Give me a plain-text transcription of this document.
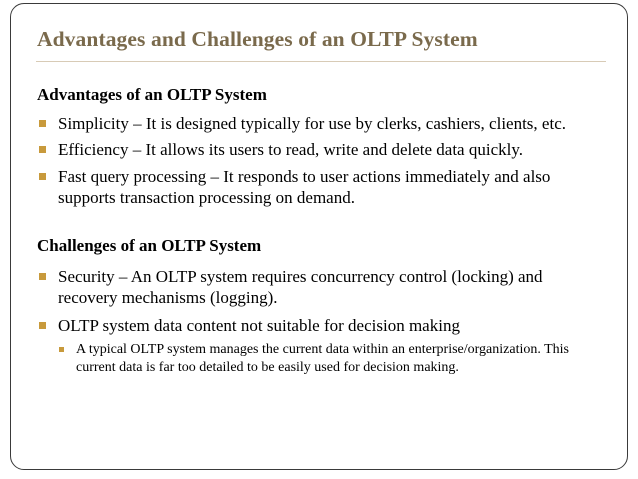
Advantages and Challenges of an OLTP System
Advantages of an OLTP System

Simplicity – It is designed typically for use by clerks, cashiers, clients, etc.

Efficiency – It allows its users to read, write and delete data quickly.

Fast query processing – It responds to user actions immediately and also supports transaction processing on demand.

Challenges of an OLTP System

Security – An OLTP system requires concurrency control (locking) and recovery mechanisms (logging).

OLTP system data content not suitable for decision making

A typical OLTP system manages the current data within an enterprise/organization. This current data is far too detailed to be easily used for decision making.
